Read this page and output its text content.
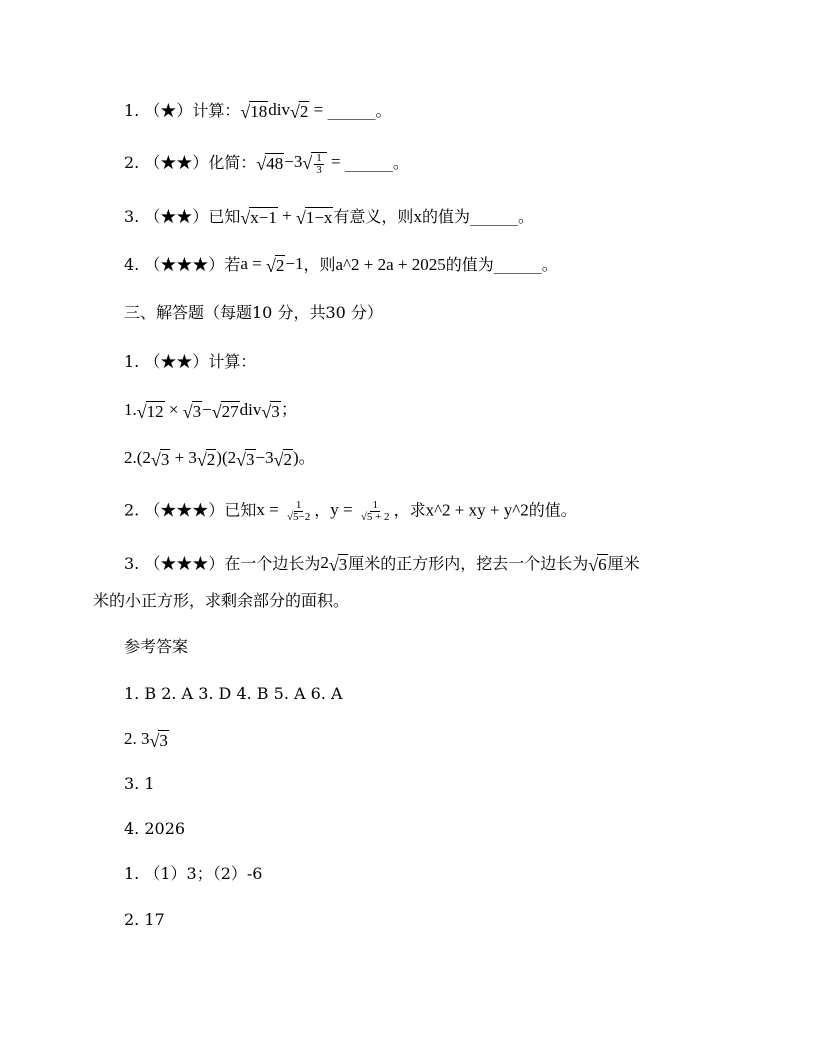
1. （★）计算：√18div√2 = ______。
2. （★★）化简：$√48-3√ \frac{1}{3}$ = ______。
3. （★★）已知√x−1 + √1−x有意义，则x的值为______。
4. （★★★）若a = √2−1，则a^2 + 2a + 2025的值为______。
三、解答题（每题10 分，共30 分）
1. （★★）计算：
1.√12 × √3−√27div√3；
2.(2√3 + 3√2)(2√3−3√2)。
2. （★★★）已知$x = \frac{1}{√5-2}$ ，$y = \frac{1}{√5 + 2}$ ，求x^2 + xy + y^2的值。
3. （★★★）在一个边长为2√3厘米的正方形内，挖去一个边长为√6厘米
米的小正方形，求剩余部分的面积。
参考答案
1. B 2. A 3. D 4. B 5. A 6. A
2. 3√3
3. 1
4. 2026
1. （1）3；（2）-6
2. 17
